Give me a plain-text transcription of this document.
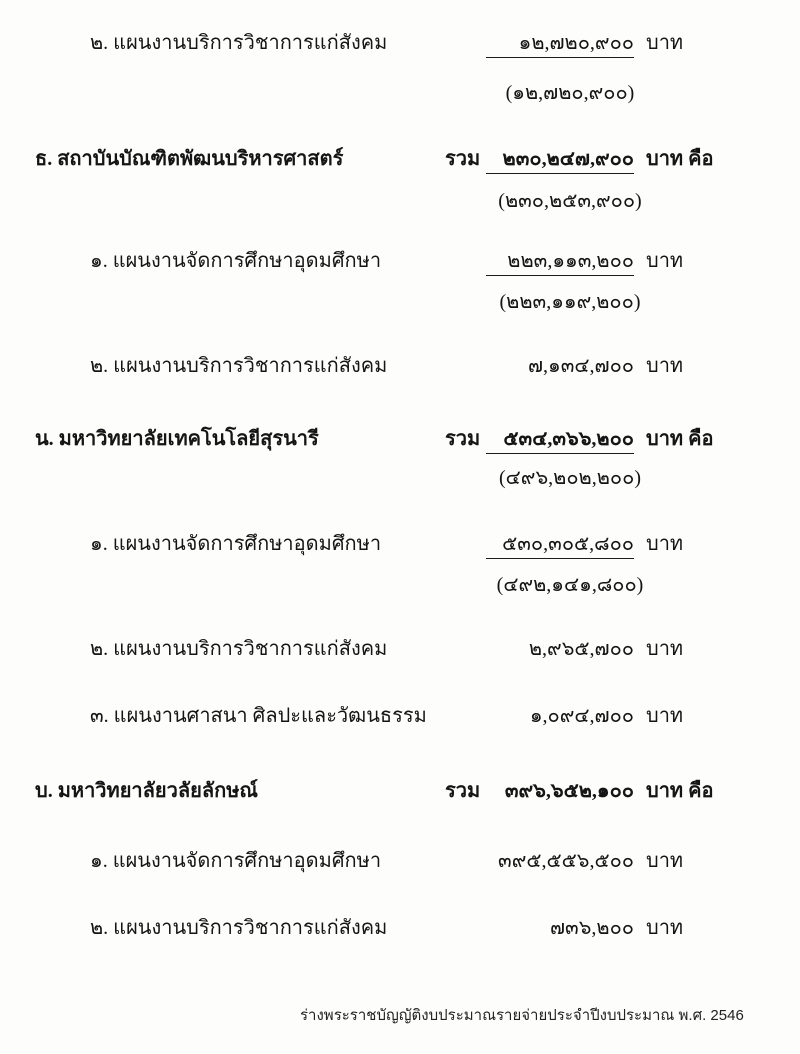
๒. แผนงานบริการวิชาการแก่สังคม	๑๒,๗๒๐,๙๐๐ บาท
(๑๒,๗๒๐,๙๐๐)
ธ. สถาบันบัณฑิตพัฒนบริหารศาสตร์	รวม	๒๓๐,๒๔๗,๙๐๐ บาท คือ
(๒๓๐,๒๕๓,๙๐๐)
๑. แผนงานจัดการศึกษาอุดมศึกษา	๒๒๓,๑๑๓,๒๐๐ บาท
(๒๒๓,๑๑๙,๒๐๐)
๒. แผนงานบริการวิชาการแก่สังคม	๗,๑๓๔,๗๐๐ บาท
น. มหาวิทยาลัยเทคโนโลยีสุรนารี	รวม	๕๓๔,๓๖๖,๒๐๐ บาท คือ
(๔๙๖,๒๐๒,๒๐๐)
๑. แผนงานจัดการศึกษาอุดมศึกษา	๕๓๐,๓๐๕,๘๐๐ บาท
(๔๙๒,๑๔๑,๘๐๐)
๒. แผนงานบริการวิชาการแก่สังคม	๒,๙๖๕,๗๐๐ บาท
๓. แผนงานศาสนา ศิลปะและวัฒนธรรม	๑,๐๙๔,๗๐๐ บาท
บ. มหาวิทยาลัยวลัยลักษณ์	รวม	๓๙๖,๖๕๒,๑๐๐ บาท คือ
๑. แผนงานจัดการศึกษาอุดมศึกษา	๓๙๕,๕๕๖,๕๐๐ บาท
๒. แผนงานบริการวิชาการแก่สังคม	๗๓๖,๒๐๐ บาท
ร่างพระราชบัญญัติงบประมาณรายจ่ายประจำปีงบประมาณ พ.ศ. 2546
